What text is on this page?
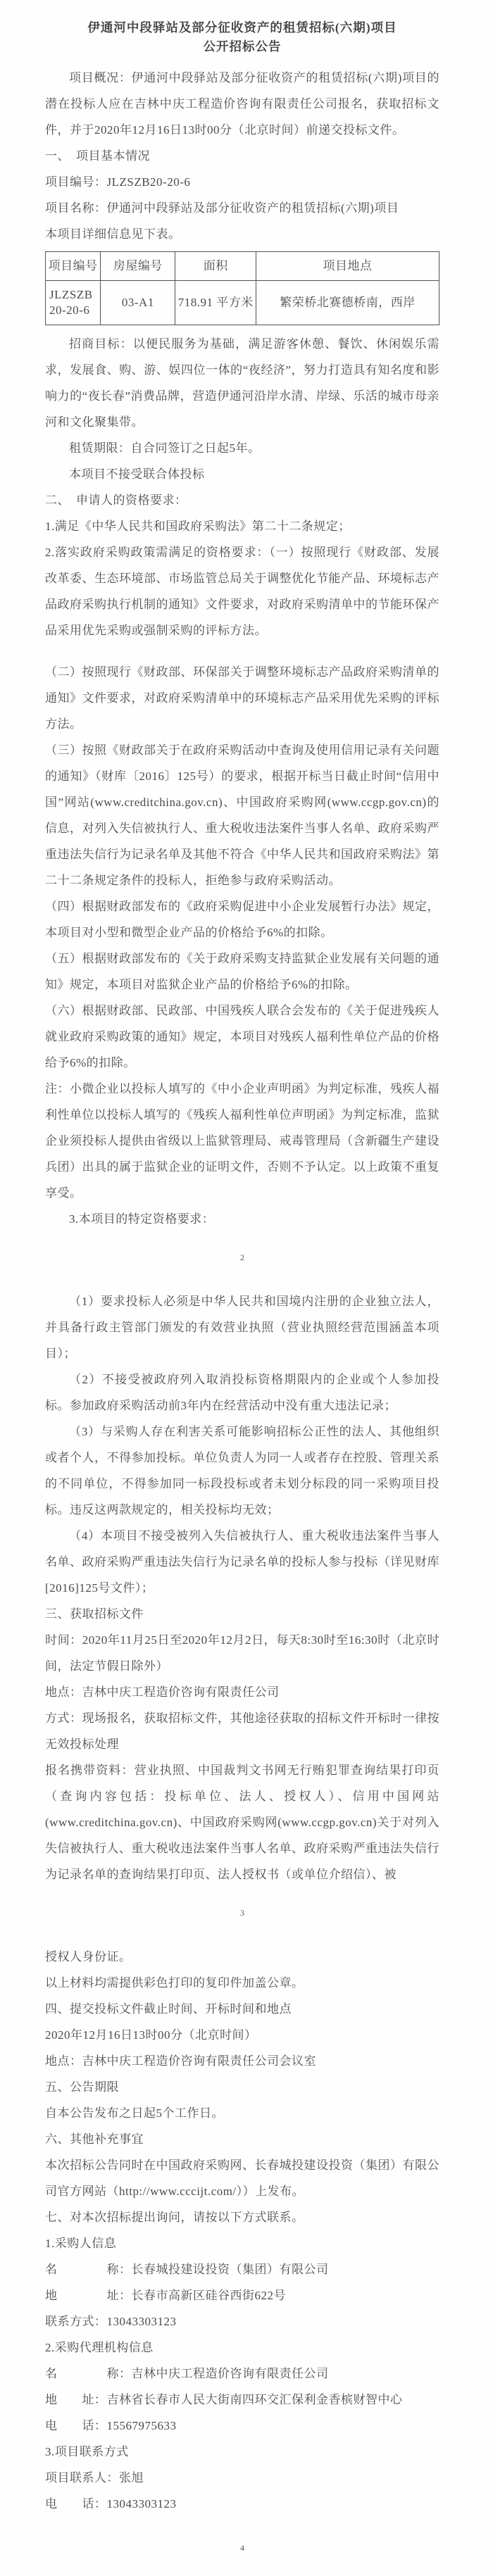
伊通河中段驿站及部分征收资产的租赁招标(六期)项目
公开招标公告
项目概况：伊通河中段驿站及部分征收资产的租赁招标(六期)项目的潜在投标人应在吉林中庆工程造价咨询有限责任公司报名，获取招标文件，并于2020年12月16日13时00分（北京时间）前递交投标文件。
一、　项目基本情况
项目编号：JLZSZB20-20-6
项目名称：伊通河中段驿站及部分征收资产的租赁招标(六期)项目
本项目详细信息见下表。
项目编号	房屋编号	面积	项目地点
JLZSZB20-20-6	03-A1	718.91 平方米	繁荣桥北赛德桥南，西岸
招商目标：以便民服务为基础，满足游客休憩、餐饮、休闲娱乐需求，发展食、购、游、娱四位一体的“夜经济”，努力打造具有知名度和影响力的“夜长春”消费品牌，营造伊通河沿岸水清、岸绿、乐活的城市母亲河和文化聚集带。
租赁期限：自合同签订之日起5年。
本项目不接受联合体投标
二、　申请人的资格要求：
1.满足《中华人民共和国政府采购法》第二十二条规定；
2.落实政府采购政策需满足的资格要求：（一）按照现行《财政部、发展改革委、生态环境部、市场监管总局关于调整优化节能产品、环境标志产品政府采购执行机制的通知》文件要求，对政府采购清单中的节能环保产品采用优先采购或强制采购的评标方法。
（二）按照现行《财政部、环保部关于调整环境标志产品政府采购清单的通知》文件要求，对政府采购清单中的环境标志产品采用优先采购的评标方法。
（三）按照《财政部关于在政府采购活动中查询及使用信用记录有关问题的通知》（财库〔2016〕125号）的要求，根据开标当日截止时间“信用中国”网站(www.creditchina.gov.cn)、中国政府采购网(www.ccgp.gov.cn)的信息，对列入失信被执行人、重大税收违法案件当事人名单、政府采购严重违法失信行为记录名单及其他不符合《中华人民共和国政府采购法》第二十二条规定条件的投标人，拒绝参与政府采购活动。
（四）根据财政部发布的《政府采购促进中小企业发展暂行办法》规定，本项目对小型和微型企业产品的价格给予6%的扣除。
（五）根据财政部发布的《关于政府采购支持监狱企业发展有关问题的通知》规定，本项目对监狱企业产品的价格给予6%的扣除。
（六）根据财政部、民政部、中国残疾人联合会发布的《关于促进残疾人就业政府采购政策的通知》规定，本项目对残疾人福利性单位产品的价格给予6%的扣除。
注：小微企业以投标人填写的《中小企业声明函》为判定标准，残疾人福利性单位以投标人填写的《残疾人福利性单位声明函》为判定标准，监狱企业须投标人提供由省级以上监狱管理局、戒毒管理局（含新疆生产建设兵团）出具的属于监狱企业的证明文件，否则不予认定。以上政策不重复享受。
3.本项目的特定资格要求：
2
（1）要求投标人必须是中华人民共和国境内注册的企业独立法人，并具备行政主管部门颁发的有效营业执照（营业执照经营范围涵盖本项目）；
（2）不接受被政府列入取消投标资格期限内的企业或个人参加投标。参加政府采购活动前3年内在经营活动中没有重大违法记录；
（3）与采购人存在利害关系可能影响招标公正性的法人、其他组织或者个人，不得参加投标。单位负责人为同一人或者存在控股、管理关系的不同单位，不得参加同一标段投标或者未划分标段的同一采购项目投标。违反这两款规定的，相关投标均无效；
（4）本项目不接受被列入失信被执行人、重大税收违法案件当事人名单、政府采购严重违法失信行为记录名单的投标人参与投标（详见财库[2016]125号文件）；
三、获取招标文件
时间：2020年11月25日至2020年12月2日，每天8:30时至16:30时（北京时间，法定节假日除外）
地点：吉林中庆工程造价咨询有限责任公司
方式：现场报名，获取招标文件，其他途径获取的招标文件开标时一律按无效投标处理
报名携带资料：营业执照、中国裁判文书网无行贿犯罪查询结果打印页（查询内容包括：投标单位、法人、授权人）、信用中国网站(www.creditchina.gov.cn)、中国政府采购网(www.ccgp.gov.cn)关于对列入失信被执行人、重大税收违法案件当事人名单、政府采购严重违法失信行为记录名单的查询结果打印页、法人授权书（或单位介绍信）、被
3
授权人身份证。
以上材料均需提供彩色打印的复印件加盖公章。
四、提交投标文件截止时间、开标时间和地点
2020年12月16日13时00分（北京时间）
地点：吉林中庆工程造价咨询有限责任公司会议室
五、公告期限
自本公告发布之日起5个工作日。
六、其他补充事宜
本次招标公告同时在中国政府采购网、长春城投建设投资（集团）有限公司官方网站（http://www.cccijt.com/））上发布。
七、对本次招标提出询问，请按以下方式联系。
1.采购人信息
名　　　　称：长春城投建设投资（集团）有限公司
地　　　　址：长春市高新区硅谷西街622号
联系方式：13043303123
2.采购代理机构信息
名　　　　称：吉林中庆工程造价咨询有限责任公司
地　　址：吉林省长春市人民大街南四环交汇保利金香槟财智中心
电　　话：15567975633
3.项目联系方式
项目联系人：张旭
电　　话：13043303123
4
